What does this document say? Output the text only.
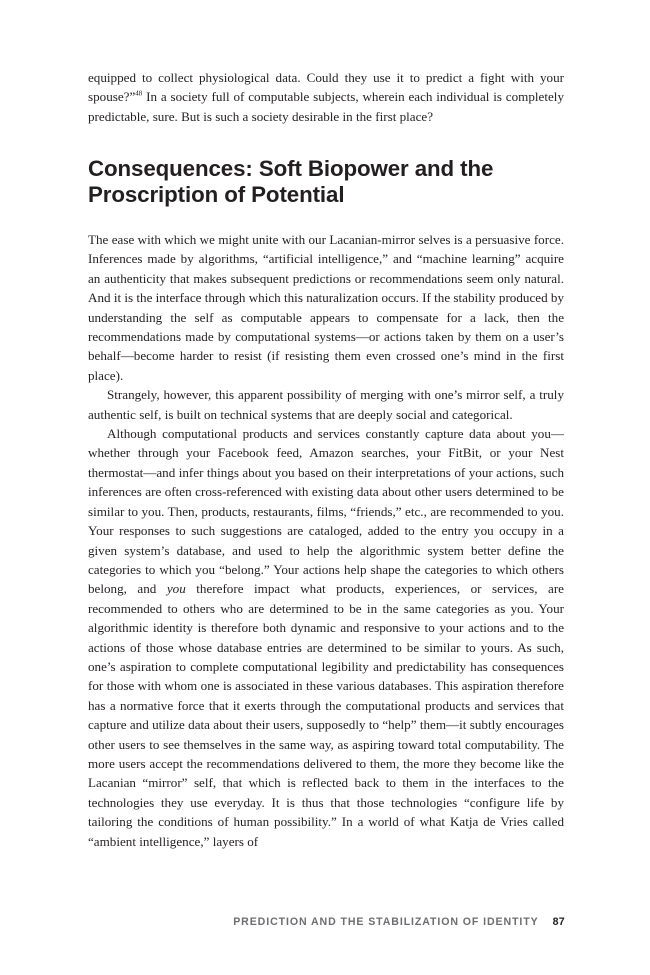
equipped to collect physiological data. Could they use it to predict a fight with your spouse?”$^{48}$ In a society full of computable subjects, wherein each individual is completely predictable, sure. But is such a society desirable in the first place?

Consequences: Soft Biopower and the Proscription of Potential

The ease with which we might unite with our Lacanian-mirror selves is a persuasive force. Inferences made by algorithms, “artificial intelligence,” and “machine learning” acquire an authenticity that makes subsequent predictions or recommendations seem only natural. And it is the interface through which this naturalization occurs. If the stability produced by understanding the self as computable appears to compensate for a lack, then the recommendations made by computational systems—or actions taken by them on a user’s behalf—become harder to resist (if resisting them even crossed one’s mind in the first place).

Strangely, however, this apparent possibility of merging with one’s mirror self, a truly authentic self, is built on technical systems that are deeply social and categorical.

Although computational products and services constantly capture data about you—whether through your Facebook feed, Amazon searches, your FitBit, or your Nest thermostat—and infer things about you based on their interpretations of your actions, such inferences are often cross-referenced with existing data about other users determined to be similar to you. Then, products, restaurants, films, “friends,” etc., are recommended to you. Your responses to such suggestions are cataloged, added to the entry you occupy in a given system’s database, and used to help the algorithmic system better define the categories to which you “belong.” Your actions help shape the categories to which others belong, and you therefore impact what products, experiences, or services, are recommended to others who are determined to be in the same categories as you. Your algorithmic identity is therefore both dynamic and responsive to your actions and to the actions of those whose database entries are determined to be similar to yours. As such, one’s aspiration to complete computational legibility and predictability has consequences for those with whom one is associated in these various databases. This aspiration therefore has a normative force that it exerts through the computational products and services that capture and utilize data about their users, supposedly to “help” them—it subtly encourages other users to see themselves in the same way, as aspiring toward total computability. The more users accept the recommendations delivered to them, the more they become like the Lacanian “mirror” self, that which is reflected back to them in the interfaces to the technologies they use everyday. It is thus that those technologies “configure life by tailoring the conditions of human possibility.” In a world of what Katja de Vries called “ambient intelligence,” layers of

PREDICTION AND THE STABILIZATION OF IDENTITY 87
